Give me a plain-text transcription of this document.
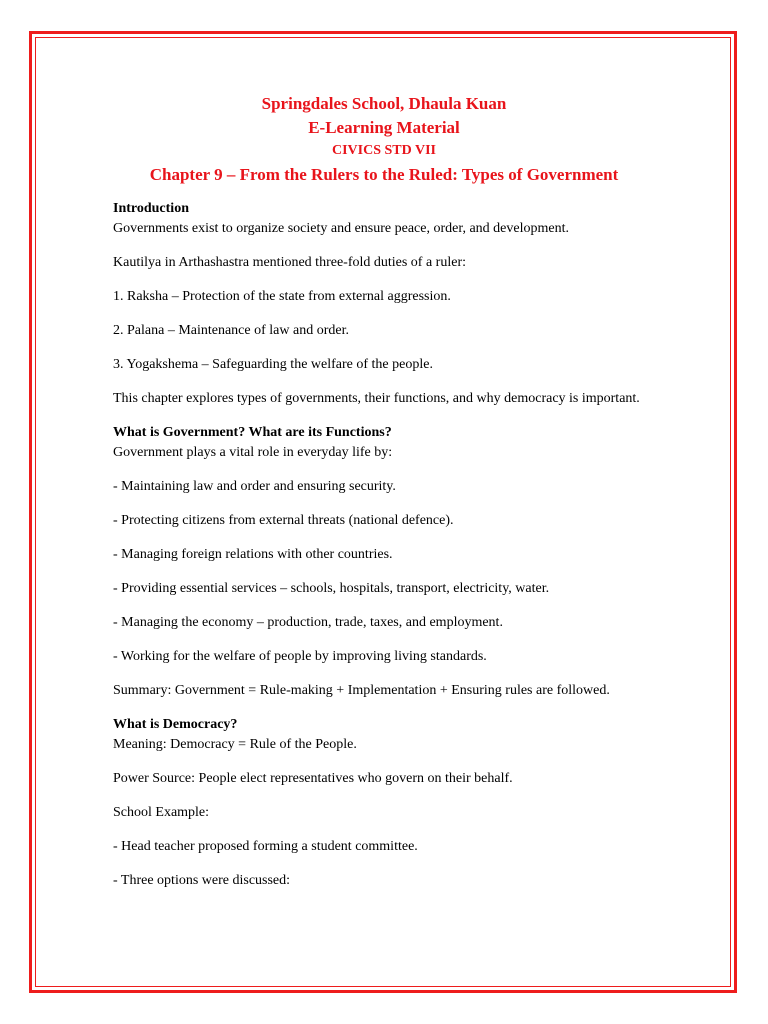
Springdales School, Dhaula Kuan
E-Learning Material
CIVICS STD VII
Chapter 9 – From the Rulers to the Ruled: Types of Government
Introduction

Governments exist to organize society and ensure peace, order, and development.

Kautilya in Arthashastra mentioned three-fold duties of a ruler:

1. Raksha – Protection of the state from external aggression.

2. Palana – Maintenance of law and order.

3. Yogakshema – Safeguarding the welfare of the people.

This chapter explores types of governments, their functions, and why democracy is important.

What is Government? What are its Functions?

Government plays a vital role in everyday life by:

- Maintaining law and order and ensuring security.

- Protecting citizens from external threats (national defence).

- Managing foreign relations with other countries.

- Providing essential services – schools, hospitals, transport, electricity, water.

- Managing the economy – production, trade, taxes, and employment.

- Working for the welfare of people by improving living standards.

Summary: Government = Rule-making + Implementation + Ensuring rules are followed.

What is Democracy?

Meaning: Democracy = Rule of the People.

Power Source: People elect representatives who govern on their behalf.

School Example:

- Head teacher proposed forming a student committee.

- Three options were discussed:
